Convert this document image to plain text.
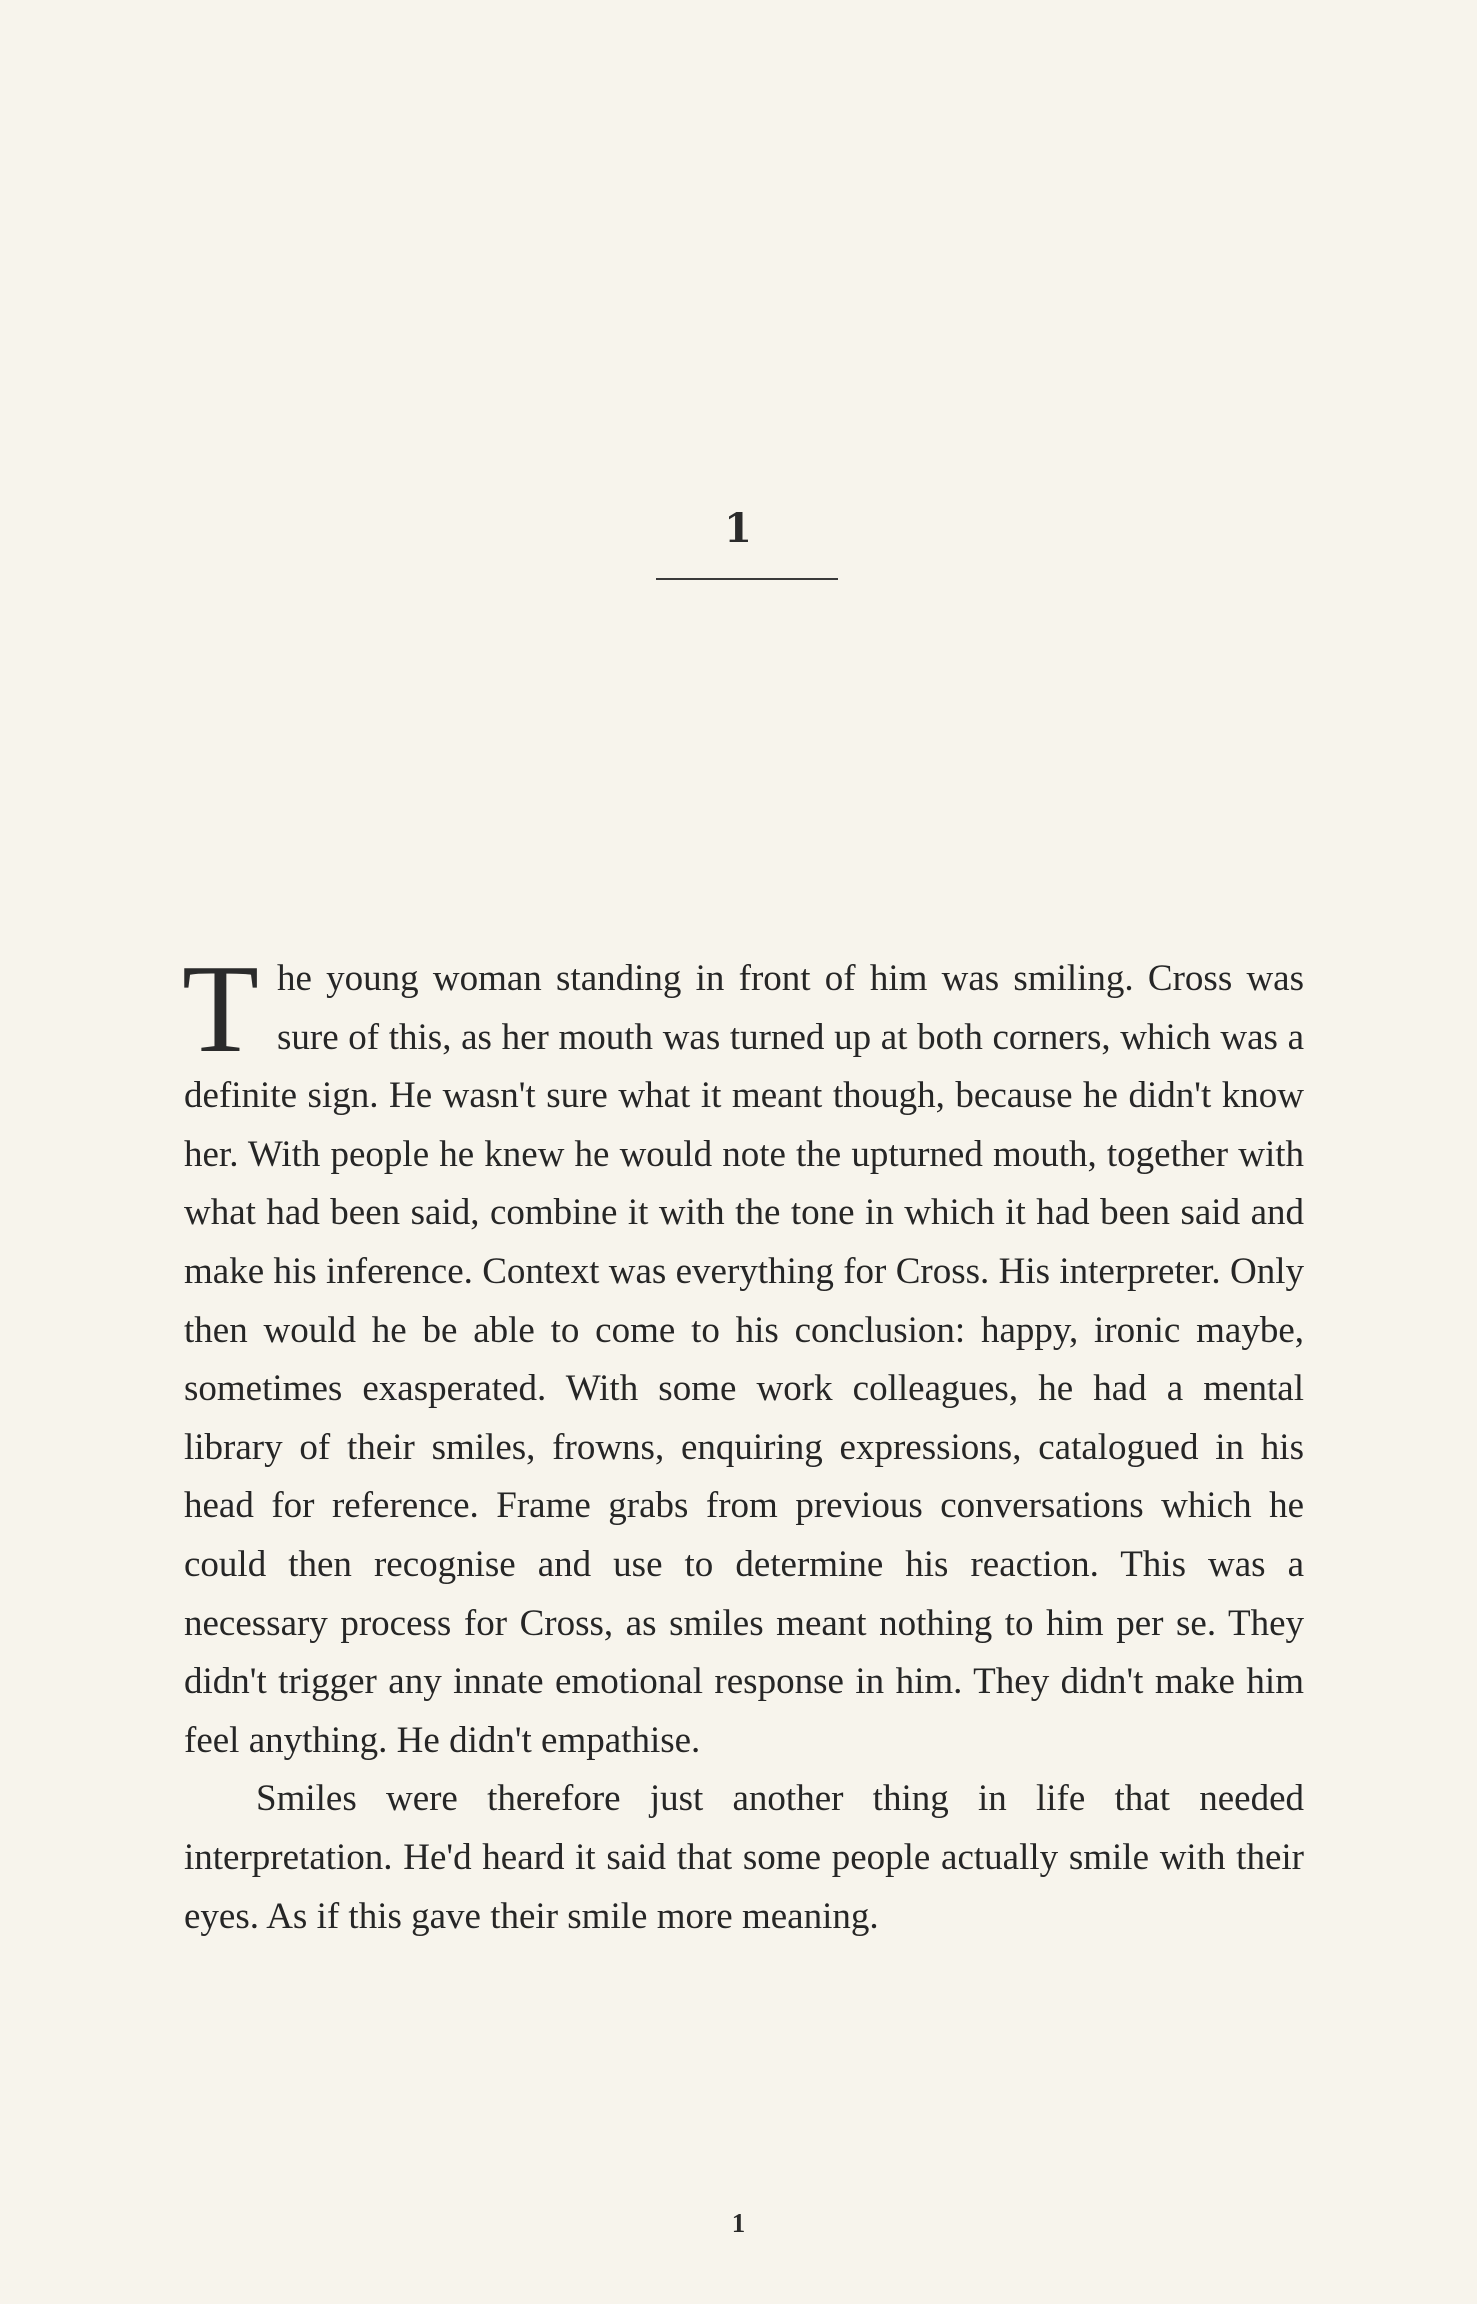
1

The young woman standing in front of him was smiling. Cross was sure of this, as her mouth was turned up at both corners, which was a definite sign. He wasn't sure what it meant though, because he didn't know her. With people he knew he would note the upturned mouth, together with what had been said, combine it with the tone in which it had been said and make his inference. Context was everything for Cross. His interpreter. Only then would he be able to come to his conclusion: happy, ironic maybe, sometimes exasperated. With some work colleagues, he had a mental library of their smiles, frowns, enquiring expressions, catalogued in his head for reference. Frame grabs from previous conversations which he could then recognise and use to determine his reaction. This was a necessary process for Cross, as smiles meant nothing to him per se. They didn't trigger any innate emotional response in him. They didn't make him feel anything. He didn't empathise.

Smiles were therefore just another thing in life that needed interpretation. He'd heard it said that some people actually smile with their eyes. As if this gave their smile more meaning.

1
